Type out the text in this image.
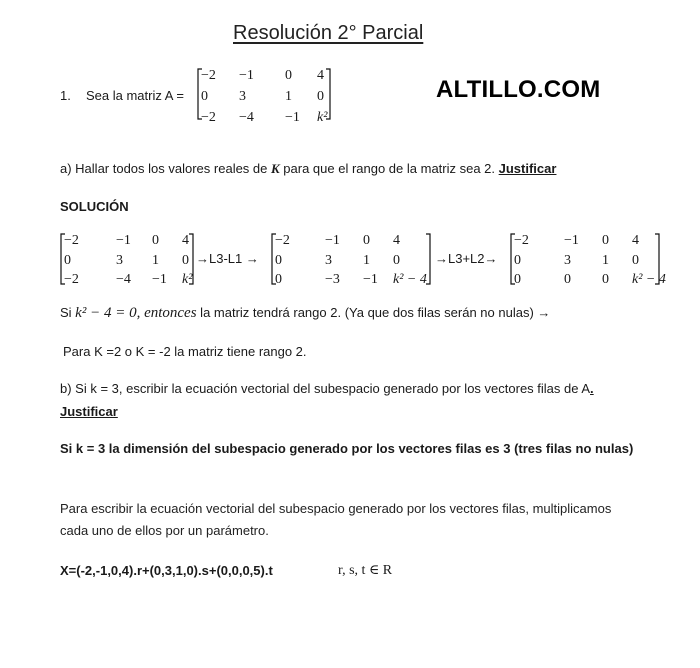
Resolución 2° Parcial
1. Sea la matriz A =
−2 −1 0 4
0 3	1 0
−2 −4 −1 k²
ALTILLO.COM
a) Hallar todos los valores reales de K para que el rango de la matriz sea 2. Justificar
SOLUCIÓN
−2	−1 0 4
0	3 1 0
−2	−4 −1 k²
→L3-L1 →
−2	−1 0 4
0	3 1 0
0	−3 −1 k² − 4
→L3+L2→
−2	−1 0 4
0	3 1 0
0	0 0 k² − 4
Si k² − 4 = 0, entonces la matriz tendrá rango 2. (Ya que dos filas serán no nulas) →
Para K =2 o K = -2 la matriz tiene rango 2.
b) Si k = 3, escribir la ecuación vectorial del subespacio generado por los vectores filas de A.
Justificar
Si k = 3 la dimensión del subespacio generado por los vectores filas es 3 (tres filas no nulas)
Para escribir la ecuación vectorial del subespacio generado por los vectores filas, multiplicamos cada uno de ellos por un parámetro.
X=(-2,-1,0,4).r+(0,3,1,0).s+(0,0,0,5).t	r, s, t ∈ R
